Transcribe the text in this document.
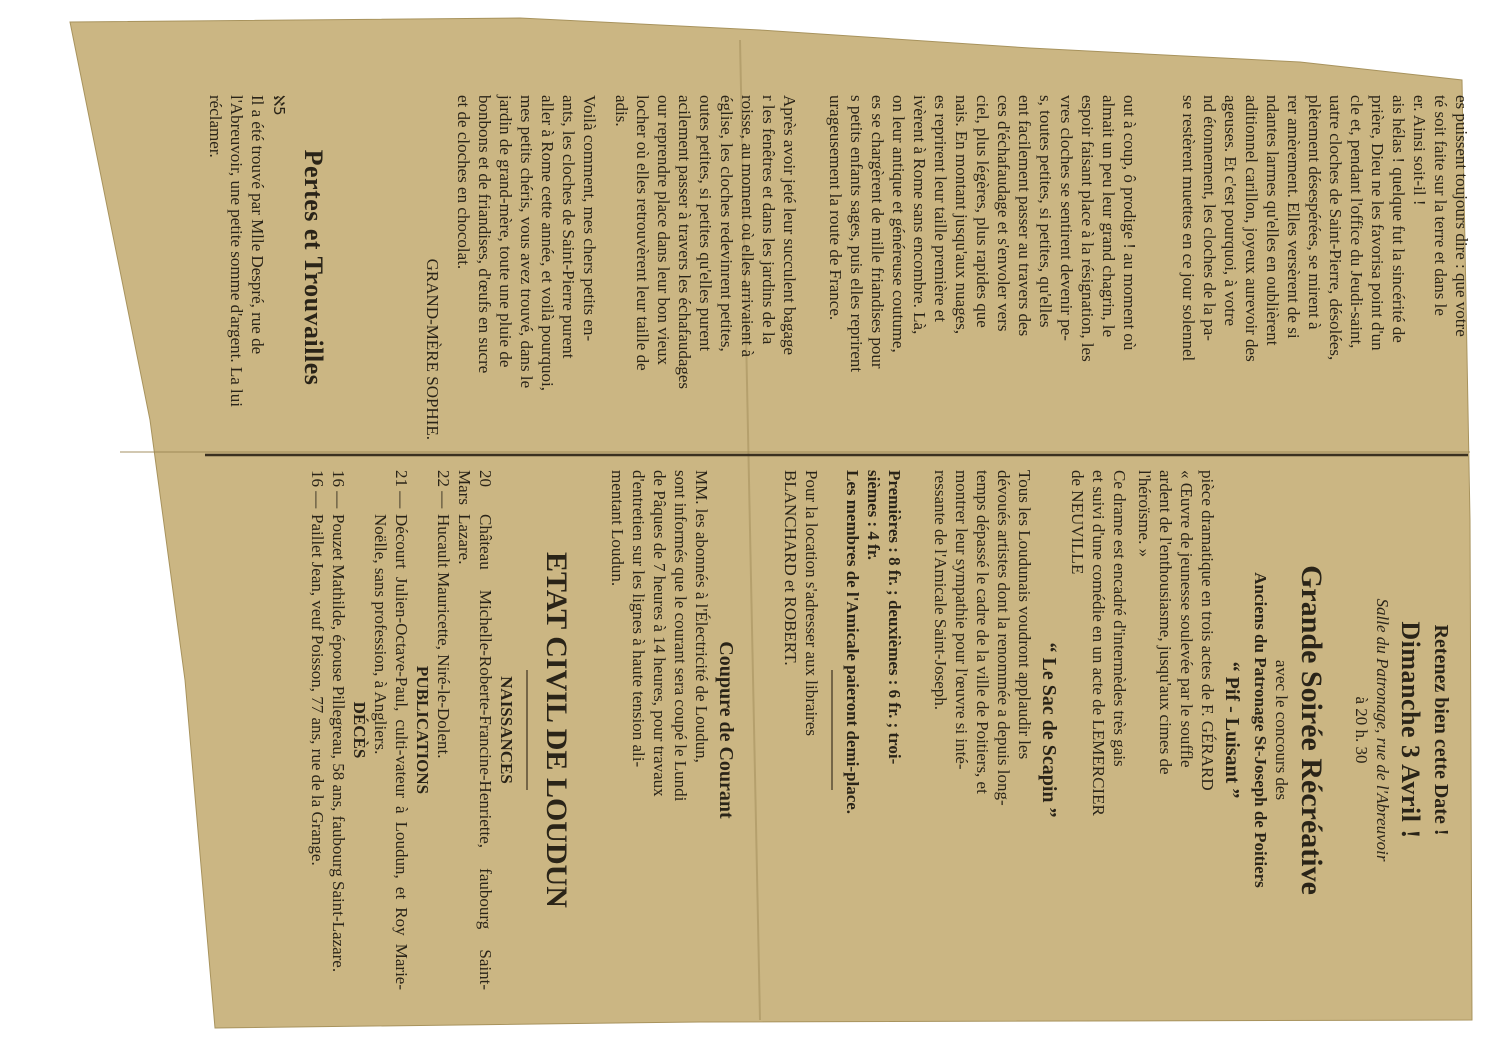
es puissent toujours dire : que votre
té soit faite sur la terre et dans le
er. Ainsi soit-il !
ais hélas ! quelque fut la sincérité de
prière, Dieu ne les favorisa point d'un
cle et, pendant l'office du Jeudi-saint,
uatre cloches de Saint-Pierre, désolées,
plètement désespérées, se mirent à
rer amèrement. Elles versèrent de si
ndantes larmes qu'elles en oublièrent
aditionnel carillon, joyeux aurevoir des
ageuses. Et c'est pourquoi, à votre
nd étonnement, les cloches de la pa-
se restèrent muettes en ce jour solennel
out à coup, ô prodige ! au moment où
almait un peu leur grand chagrin, le
espoir faisant place à la résignation, les
vres cloches se sentirent devenir pe-
s, toutes petites, si petites, qu'elles
ent facilement passer au travers des
ces d'échafaudage et s'envoler vers
ciel, plus légères, plus rapides que
nais. En montant jusqu'aux nuages,
es reprirent leur taille première et
ivèrent à Rome sans encombre. Là,
on leur antique et généreuse coutume,
es se chargèrent de mille friandises pour
s petits enfants sages, puis elles reprirent
urageusement la route de France.
Après avoir jeté leur succulent bagage
r les fenêtres et dans les jardins de la
roisse, au moment où elles arrivaient à
église, les cloches redevinrent petites,
outes petites, si petites qu'elles purent
acilement passer à travers les échafaudages
our reprendre place dans leur bon vieux
locher où elles retrouvèrent leur taille de
adis.
Voilà comment, mes chers petits en-
ants, les cloches de Saint-Pierre purent
aller à Rome cette année, et voilà pourquoi,
mes petits chéris, vous avez trouvé, dans le
jardin de grand-mère, toute une pluie de
bonbons et de friandises, d'œufs en sucre
et de cloches en chocolat.
GRAND-MÈRE SOPHIE.
Pertes et Trouvailles
ℵ5
Il a été trouvé par Mlle Despré, rue de
l'Abreuvoir, une petite somme d'argent. La lui
réclamer.
Retenez bien cette Date !
Dimanche 3 Avril !
Salle du Patronage, rue de l'Abreuvoir
à 20 h. 30
Grande Soirée Récréative
avec le concours des
Anciens du Patronage St-Joseph de Poitiers
“ Pif - Luisant ”
pièce dramatique en trois actes de F. GÉRARD
« Œuvre de jeunesse soulevée par le souffle
ardent de l'enthousiasme, jusqu'aux cimes de
l'héroïsme. »
Ce drame est encadré d'intermèdes très gais
et suivi d'une comédie en un acte de LEMERCIER
de NEUVILLE
“ Le Sac de Scapin ”
Tous les Loudunais voudront applaudir les
dévoués artistes dont la renommée a depuis long-
temps dépassé le cadre de la ville de Poitiers, et
montrer leur sympathie pour l'œuvre si inté-
ressante de l'Amicale Saint-Joseph.
Premières : 8 fr. ; deuxièmes : 6 fr. ; troi-
sièmes : 4 fr.
Les membres de l'Amicale paieront demi-place.
Pour la location s'adresser aux libraires
BLANCHARD et ROBERT.
Coupure de Courant
MM. les abonnés à l'Électricité de Loudun,
sont informés que le courant sera coupé le Lundi
de Pâques de 7 heures à 14 heures, pour travaux
d'entretien sur les lignes à haute tension ali-
mentant Loudun.
ETAT CIVIL DE LOUDUN
NAISSANCES
20 Mars
Château Michelle-Roberte-Francine-Henriette, faubourg Saint-Lazare.
22 —
Hucault Mauricette, Niré-le-Dolent.
PUBLICATIONS
21 —
Décourt Julien-Octave-Paul, culti-vateur à Loudun, et Roy Marie-Noëlle, sans profession, à Angliers.
DÉCÈS
16 —
Pouzet Mathilde, épouse Pillegreau, 58 ans, faubourg Saint-Lazare.
16 —
Paillet Jean, veuf Poisson, 77 ans, rue de la Grange.
